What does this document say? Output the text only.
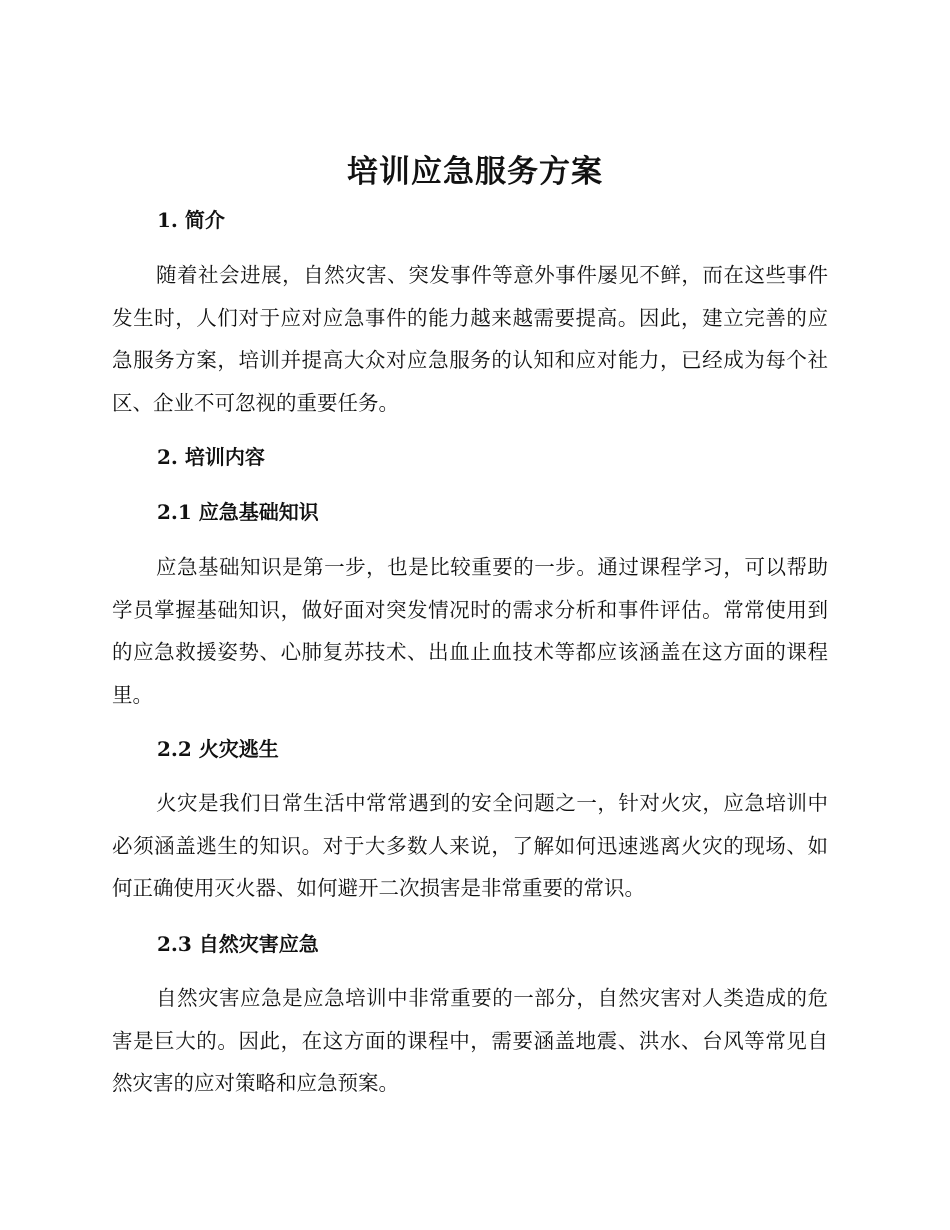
培训应急服务方案
1. 简介
随着社会进展，自然灾害、突发事件等意外事件屡见不鲜，而在这些事件发生时，人们对于应对应急事件的能力越来越需要提高。因此，建立完善的应急服务方案，培训并提高大众对应急服务的认知和应对能力，已经成为每个社区、企业不可忽视的重要任务。
2. 培训内容
2.1 应急基础知识
应急基础知识是第一步，也是比较重要的一步。通过课程学习，可以帮助学员掌握基础知识，做好面对突发情况时的需求分析和事件评估。常常使用到的应急救援姿势、心肺复苏技术、出血止血技术等都应该涵盖在这方面的课程里。
2.2 火灾逃生
火灾是我们日常生活中常常遇到的安全问题之一，针对火灾，应急培训中必须涵盖逃生的知识。对于大多数人来说，了解如何迅速逃离火灾的现场、如何正确使用灭火器、如何避开二次损害是非常重要的常识。
2.3 自然灾害应急
自然灾害应急是应急培训中非常重要的一部分，自然灾害对人类造成的危害是巨大的。因此，在这方面的课程中，需要涵盖地震、洪水、台风等常见自然灾害的应对策略和应急预案。
